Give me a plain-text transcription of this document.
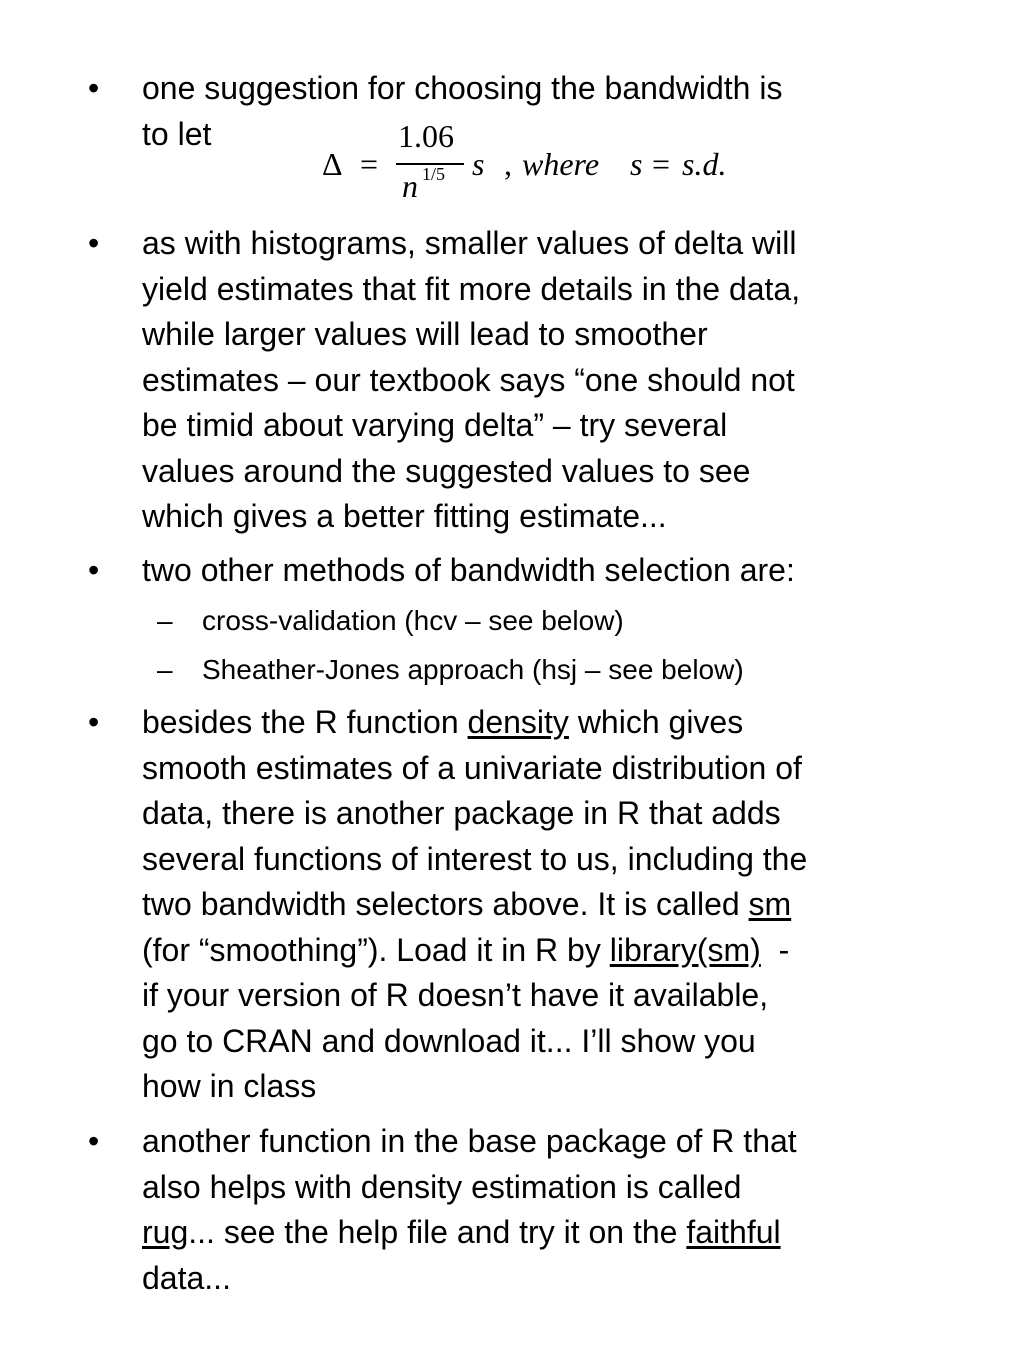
• one suggestion for choosing the bandwidth is
to let

Δ =
1.06
n 1/5 s , where s = s.d.
• as with histograms, smaller values of delta will
yield estimates that fit more details in the data,
while larger values will lead to smoother
estimates – our textbook says “one should not
be timid about varying delta” – try several
values around the suggested values to see
which gives a better fitting estimate...

• two other methods of bandwidth selection are:

– cross-validation (hcv – see below)

– Sheather-Jones approach (hsj – see below)

• besides the R function density which gives
smooth estimates of a univariate distribution of
data, there is another package in R that adds
several functions of interest to us, including the
two bandwidth selectors above. It is called sm
(for “smoothing”). Load it in R by library(sm)  -
if your version of R doesn’t have it available,
go to CRAN and download it... I’ll show you
how in class

• another function in the base package of R that
also helps with density estimation is called
rug... see the help file and try it on the faithful
data...
